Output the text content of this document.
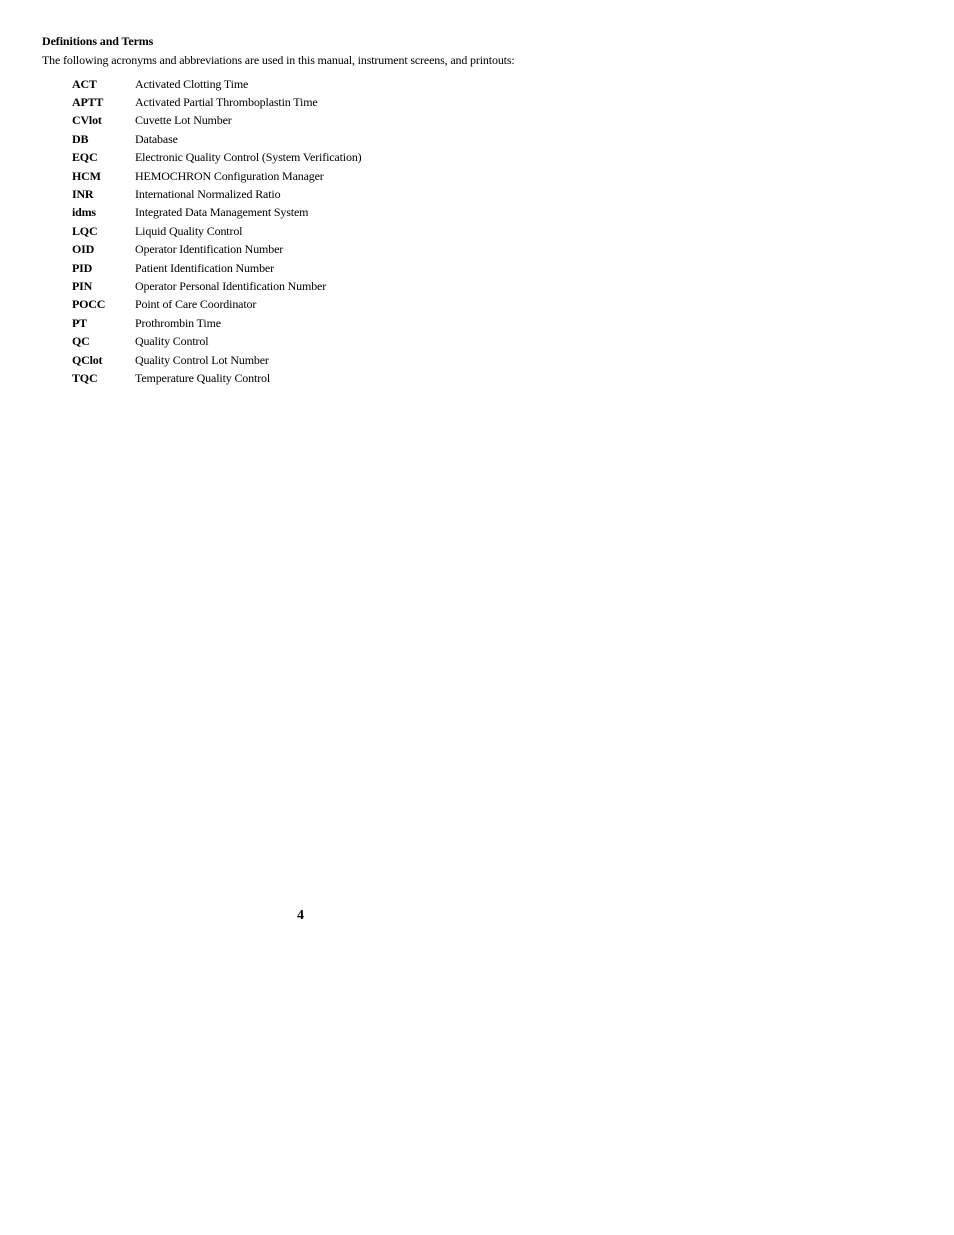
Definitions and Terms
The following acronyms and abbreviations are used in this manual, instrument screens, and printouts:
ACT	Activated Clotting Time
APTT	Activated Partial Thromboplastin Time
CVlot	Cuvette Lot Number
DB	Database
EQC	Electronic Quality Control (System Verification)
HCM	HEMOCHRON Configuration Manager
INR	International Normalized Ratio
idms	Integrated Data Management System
LQC	Liquid Quality Control
OID	Operator Identification Number
PID	Patient Identification Number
PIN	Operator Personal Identification Number
POCC	Point of Care Coordinator
PT	Prothrombin Time
QC	Quality Control
QClot	Quality Control Lot Number
TQC	Temperature Quality Control
4
